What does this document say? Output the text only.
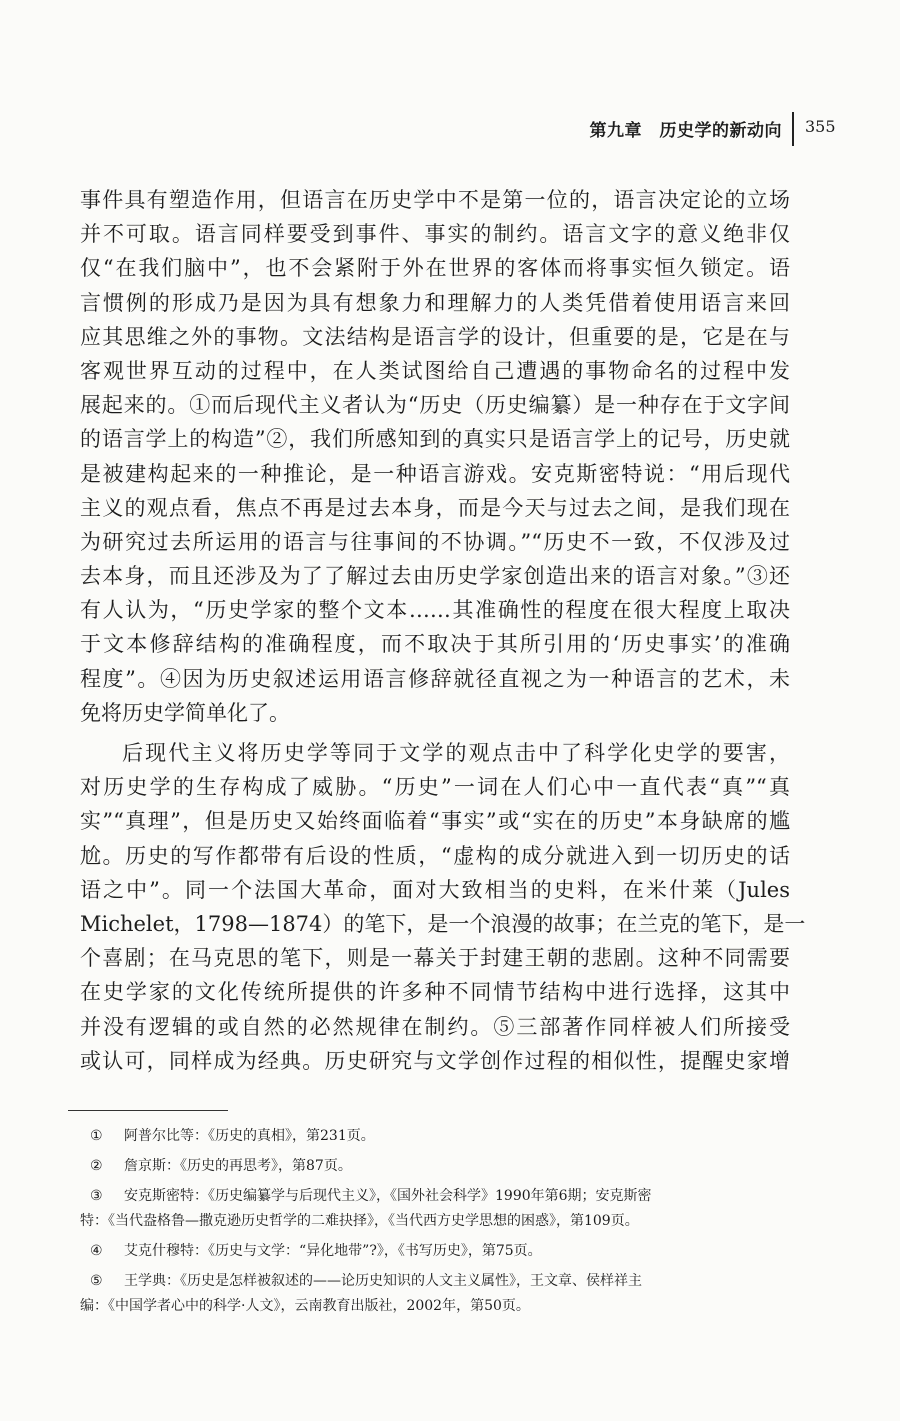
第九章　历史学的新动向 355
事件具有塑造作用，但语言在历史学中不是第一位的，语言决定论的立场
并不可取。语言同样要受到事件、事实的制约。语言文字的意义绝非仅
仅“在我们脑中”，也不会紧附于外在世界的客体而将事实恒久锁定。语
言惯例的形成乃是因为具有想象力和理解力的人类凭借着使用语言来回
应其思维之外的事物。文法结构是语言学的设计，但重要的是，它是在与
客观世界互动的过程中，在人类试图给自己遭遇的事物命名的过程中发
展起来的。①而后现代主义者认为“历史（历史编纂）是一种存在于文字间
的语言学上的构造”②，我们所感知到的真实只是语言学上的记号，历史就
是被建构起来的一种推论，是一种语言游戏。安克斯密特说：“用后现代
主义的观点看，焦点不再是过去本身，而是今天与过去之间，是我们现在
为研究过去所运用的语言与往事间的不协调。”“历史不一致，不仅涉及过
去本身，而且还涉及为了了解过去由历史学家创造出来的语言对象。”③还
有人认为，“历史学家的整个文本……其准确性的程度在很大程度上取决
于文本修辞结构的准确程度，而不取决于其所引用的‘历史事实’的准确
程度”。④因为历史叙述运用语言修辞就径直视之为一种语言的艺术，未
免将历史学简单化了。
后现代主义将历史学等同于文学的观点击中了科学化史学的要害，
对历史学的生存构成了威胁。“历史”一词在人们心中一直代表“真”“真
实”“真理”，但是历史又始终面临着“事实”或“实在的历史”本身缺席的尴
尬。历史的写作都带有后设的性质，“虚构的成分就进入到一切历史的话
语之中”。同一个法国大革命，面对大致相当的史料，在米什莱（Jules
Michelet，1798—1874）的笔下，是一个浪漫的故事；在兰克的笔下，是一
个喜剧；在马克思的笔下，则是一幕关于封建王朝的悲剧。这种不同需要
在史学家的文化传统所提供的许多种不同情节结构中进行选择，这其中
并没有逻辑的或自然的必然规律在制约。⑤三部著作同样被人们所接受
或认可，同样成为经典。历史研究与文学创作过程的相似性，提醒史家增
① 阿普尔比等：《历史的真相》，第231页。
② 詹京斯：《历史的再思考》，第87页。
③ 安克斯密特：《历史编纂学与后现代主义》，《国外社会科学》1990年第6期；安克斯密
特：《当代盎格鲁—撒克逊历史哲学的二难抉择》，《当代西方史学思想的困惑》，第109页。
④ 艾克什穆特：《历史与文学：“异化地带”?》，《书写历史》，第75页。
⑤ 王学典：《历史是怎样被叙述的——论历史知识的人文主义属性》，王文章、侯样祥主
编：《中国学者心中的科学·人文》，云南教育出版社，2002年，第50页。
